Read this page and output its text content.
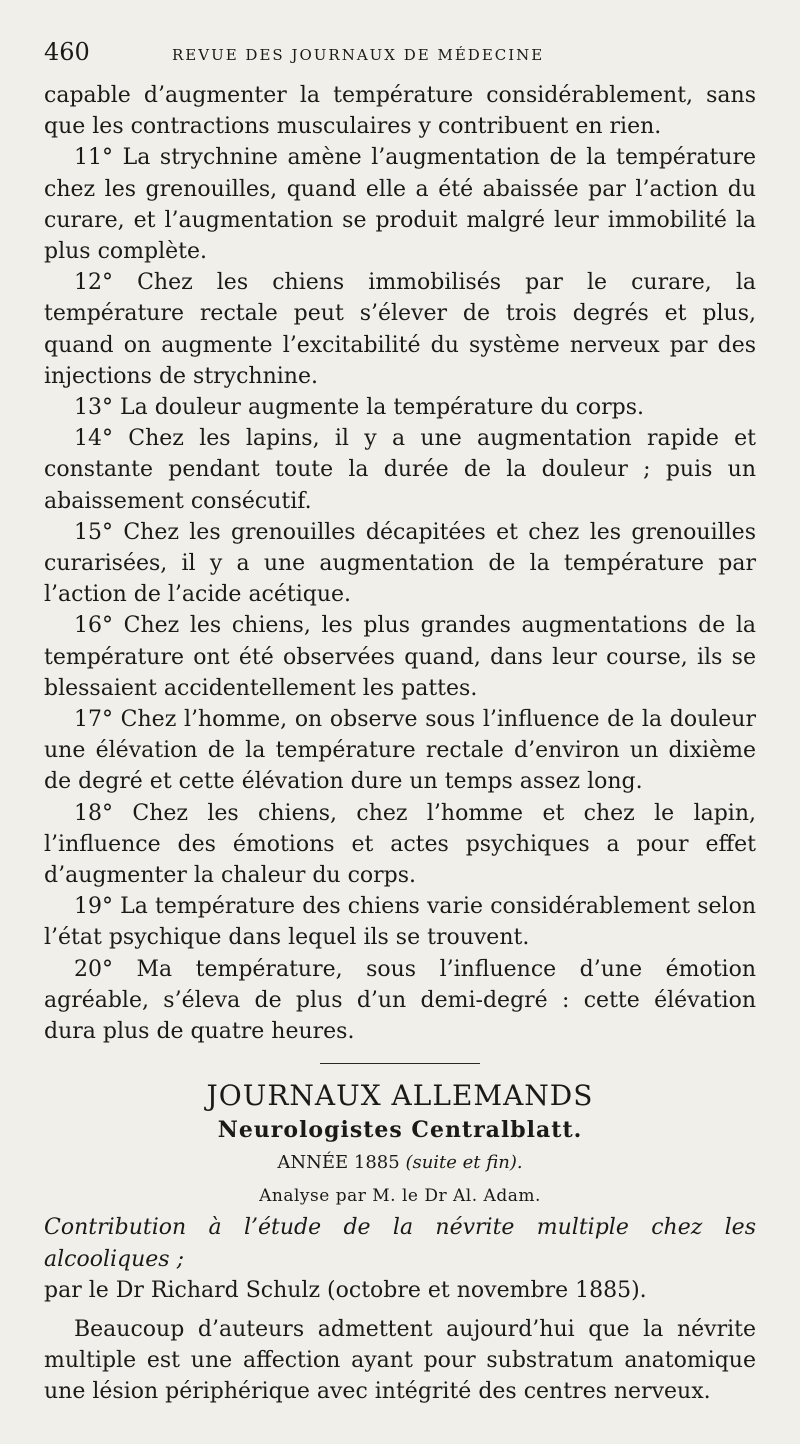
460	REVUE DES JOURNAUX DE MÉDECINE

capable d’augmenter la température considérablement, sans que les contractions musculaires y contribuent en rien.

11° La strychnine amène l’augmentation de la température chez les grenouilles, quand elle a été abaissée par l’action du curare, et l’augmentation se produit malgré leur immobilité la plus complète.

12° Chez les chiens immobilisés par le curare, la température rectale peut s’élever de trois degrés et plus, quand on augmente l’excitabilité du système nerveux par des injections de strychnine.

13° La douleur augmente la température du corps.

14° Chez les lapins, il y a une augmentation rapide et constante pendant toute la durée de la douleur ; puis un abaissement consécutif.

15° Chez les grenouilles décapitées et chez les grenouilles curarisées, il y a une augmentation de la température par l’action de l’acide acétique.

16° Chez les chiens, les plus grandes augmentations de la température ont été observées quand, dans leur course, ils se blessaient accidentellement les pattes.

17° Chez l’homme, on observe sous l’influence de la douleur une élévation de la température rectale d’environ un dixième de degré et cette élévation dure un temps assez long.

18° Chez les chiens, chez l’homme et chez le lapin, l’influence des émotions et actes psychiques a pour effet d’augmenter la chaleur du corps.

19° La température des chiens varie considérablement selon l’état psychique dans lequel ils se trouvent.

20° Ma température, sous l’influence d’une émotion agréable, s’éleva de plus d’un demi-degré : cette élévation dura plus de quatre heures.

JOURNAUX ALLEMANDS
Neurologistes Centralblatt.
ANNÉE 1885 (suite et fin).
Analyse par M. le Dr Al. Adam.

Contribution à l’étude de la névrite multiple chez les alcooliques ;

par le Dr Richard Schulz (octobre et novembre 1885).

Beaucoup d’auteurs admettent aujourd’hui que la névrite multiple est une affection ayant pour substratum anatomique une lésion périphérique avec intégrité des centres nerveux.
